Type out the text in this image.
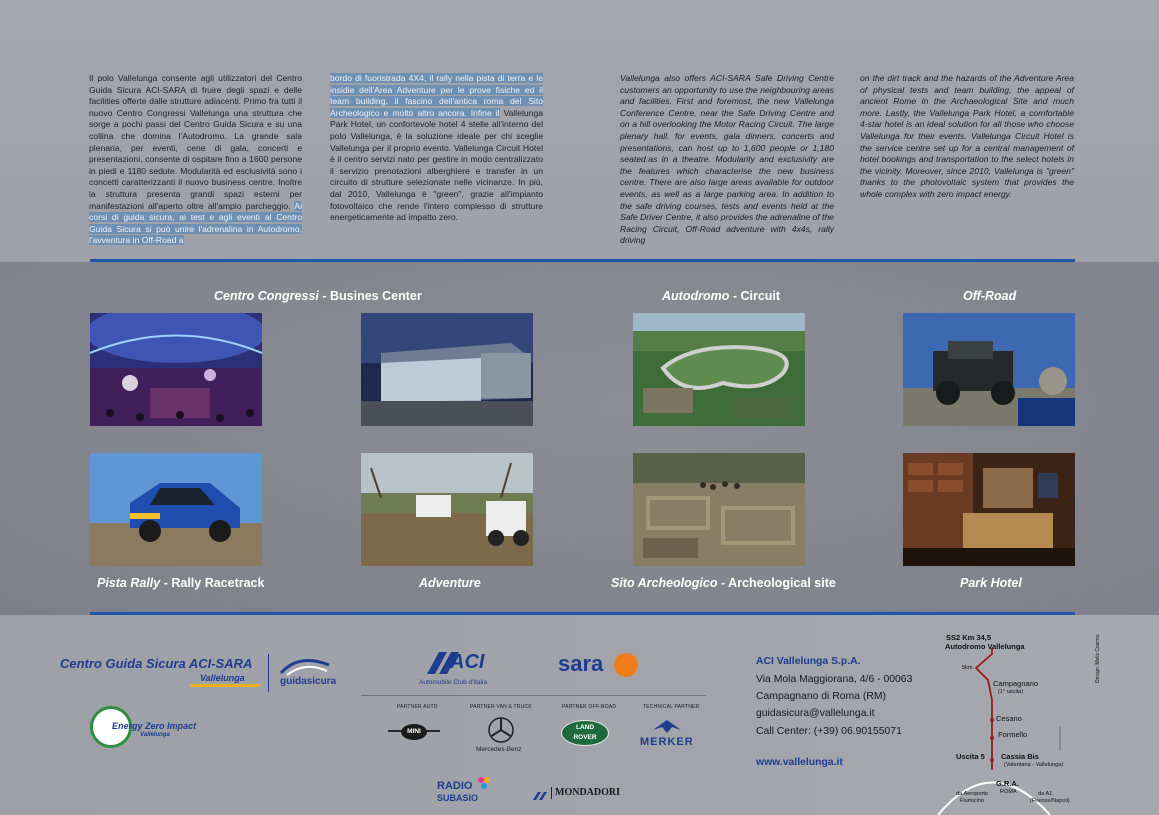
Il polo Vallelunga consente agli utilizzatori del Centro Guida Sicura ACI-SARA di fruire degli spazi e delle facilities offerte dalle strutture adiacenti. Primo fra tutti il nuovo Centro Congressi Vallelunga una struttura che sorge a pochi passi del Centro Guida Sicura e su una collina che domina l'Autodromo. La grande sala plenaria, per eventi, cene di gala, concerti e presentazioni, consente di ospitare fino a 1600 persone in piedi e 1180 sedute. Modularità ed esclusività sono i concetti caratterizzanti il nuovo business centre. Inoltre la struttura presenta grandi spazi esterni per manifestazioni all'aperto oltre all'ampio parcheggio. Ai corsi di guida sicura, ai test e agli eventi al Centro Guida Sicura si può unire l'adrenalina in Autodromo, l'avventura in Off-Road a
bordo di fuoristrada 4X4, il rally nella pista di terra e le insidie dell'Area Adventure per le prove fisiche ed il team building, il fascino dell'antica roma del Sito Archeologico e molto altro ancora. Infine il Vallelunga Park Hotel, un confortevole hotel 4 stelle all'interno del polo Vallelunga, è la soluzione ideale per chi sceglie Vallelunga per il proprio evento. Vallelunga Circuit Hotel è il centro servizi nato per gestire in modo centralizzato il servizio prenotazioni alberghiere e transfer in un circuito di strutture selezionate nelle vicinanze. In più, dal 2010, Vallelunga è "green", grazie all'impianto fotovoltaico che rende l'intero complesso di strutture energeticamente ad impatto zero.
Vallelunga also offers ACI-SARA Safe Driving Centre customers an opportunity to use the neighbouring areas and facilities. First and foremost, the new Vallelunga Conference Centre, near the Safe Driving Centre and on a hill overlooking the Motor Racing Circuit. The large plenary hall, for events, gala dinners, concerts and presentations, can host up to 1,600 people or 1,180 seated.as in a theatre. Modularity and exclusivity are the features which characterise the new business centre. There are also large areas available for outdoor events, as well as a large parking area. In addition to the safe driving courses, tests and events held at the Safe Driver Centre, it also provides the adrenaline of the Racing Circuit, Off-Road adventure with 4x4s, rally driving
on the dirt track and the hazards of the Adventure Area of physical tests and team building, the appeal of ancient Rome in the Archaeological Site and much more. Lastly, the Vallelunga Park Hotel, a comfortable 4-star hotel is an ideal solution for all those who choose Vallelunga for their events. Vallelunga Circuit Hotel is the service centre set up for a central management of hotel bookings and transportation to the select hotels in the vicinity. Moreover, since 2010, Vallelunga is "green" thanks to the photovoltaic system that provides the whole complex with zero impact energy.
Centro Congressi - Busines Center	Autodromo - Circuit	Off-Road
Pista Rally - Rally Racetrack	Adventure	Sito Archeologico - Archeological site	Park Hotel
Centro Guida Sicura ACI-SARA
Vallelunga	guidasicura
ACI
Automobile Club d'Italia
sara
Energy Zero Impact
Vallelunga
PARTNER AUTO	PARTNER VAN & TRUCK	PARTNER OFF-ROAD	TECHNICAL PARTNER
MINI
Mercedes-Benz
LAND
ROVER	MERKER
RADIO
SUBASIO	MONDADORI
ACI Vallelunga S.p.A.
Via Mola Maggiorana, 4/6 - 00063
Campagnano di Roma (RM)
guidasicura@vallelunga.it
Call Center: (+39) 06.90155071
www.vallelunga.it
SS2 Km 34,5
Autodromo Vallelunga
5km
Campagnano
(1° uscita)
Cesano
Formello
Uscita 5 Cassia Bis
(Valentana - Vallelunga)
G.R.A.
ROMA
da Aeroporto
Fiumicino
da A1
(Firenze/Napoli)
Design: Melis Cosimo
